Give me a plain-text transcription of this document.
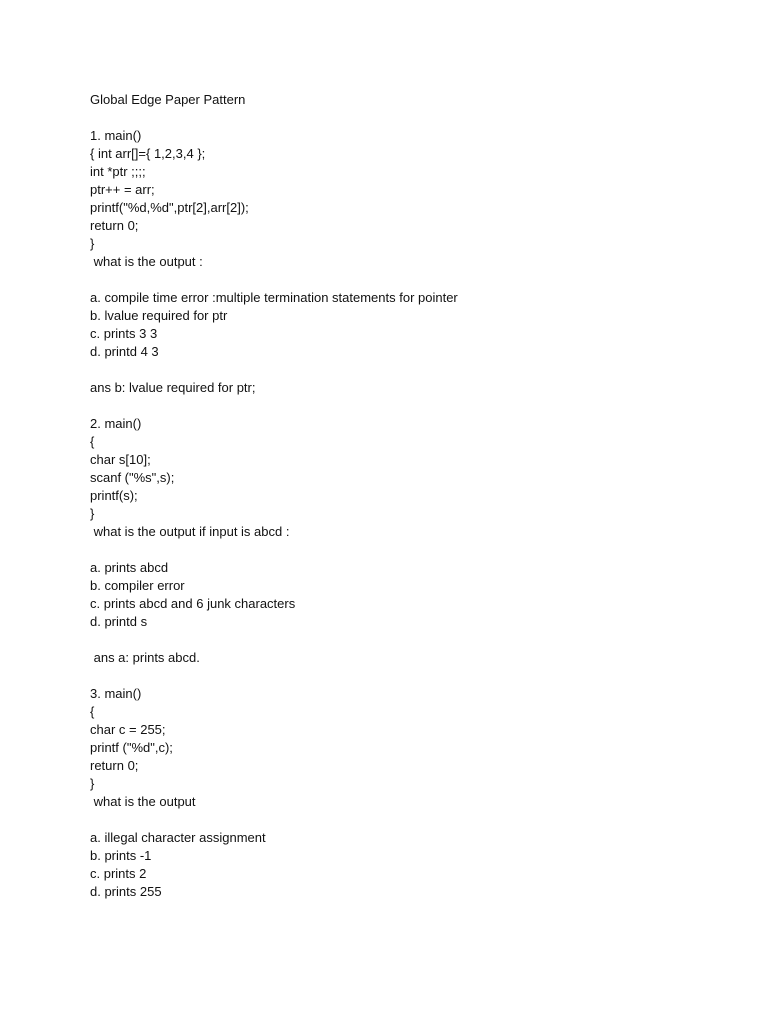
Global Edge Paper Pattern
1. main()
{ int arr[]={ 1,2,3,4 };
int *ptr ;;;;
ptr++ = arr;
printf("%d,%d",ptr[2],arr[2]);
return 0;
}
what is the output :
a. compile time error :multiple termination statements for pointer
b. lvalue required for ptr
c. prints 3 3
d. printd 4 3
ans b: lvalue required for ptr;
2. main()
{
char s[10];
scanf ("%s",s);
printf(s);
}
what is the output if input is abcd :
a. prints abcd
b. compiler error
c. prints abcd and 6 junk characters
d. printd s
ans a: prints abcd.
3. main()
{
char c = 255;
printf ("%d",c);
return 0;
}
what is the output
a. illegal character assignment
b. prints -1
c. prints 2
d. prints 255
